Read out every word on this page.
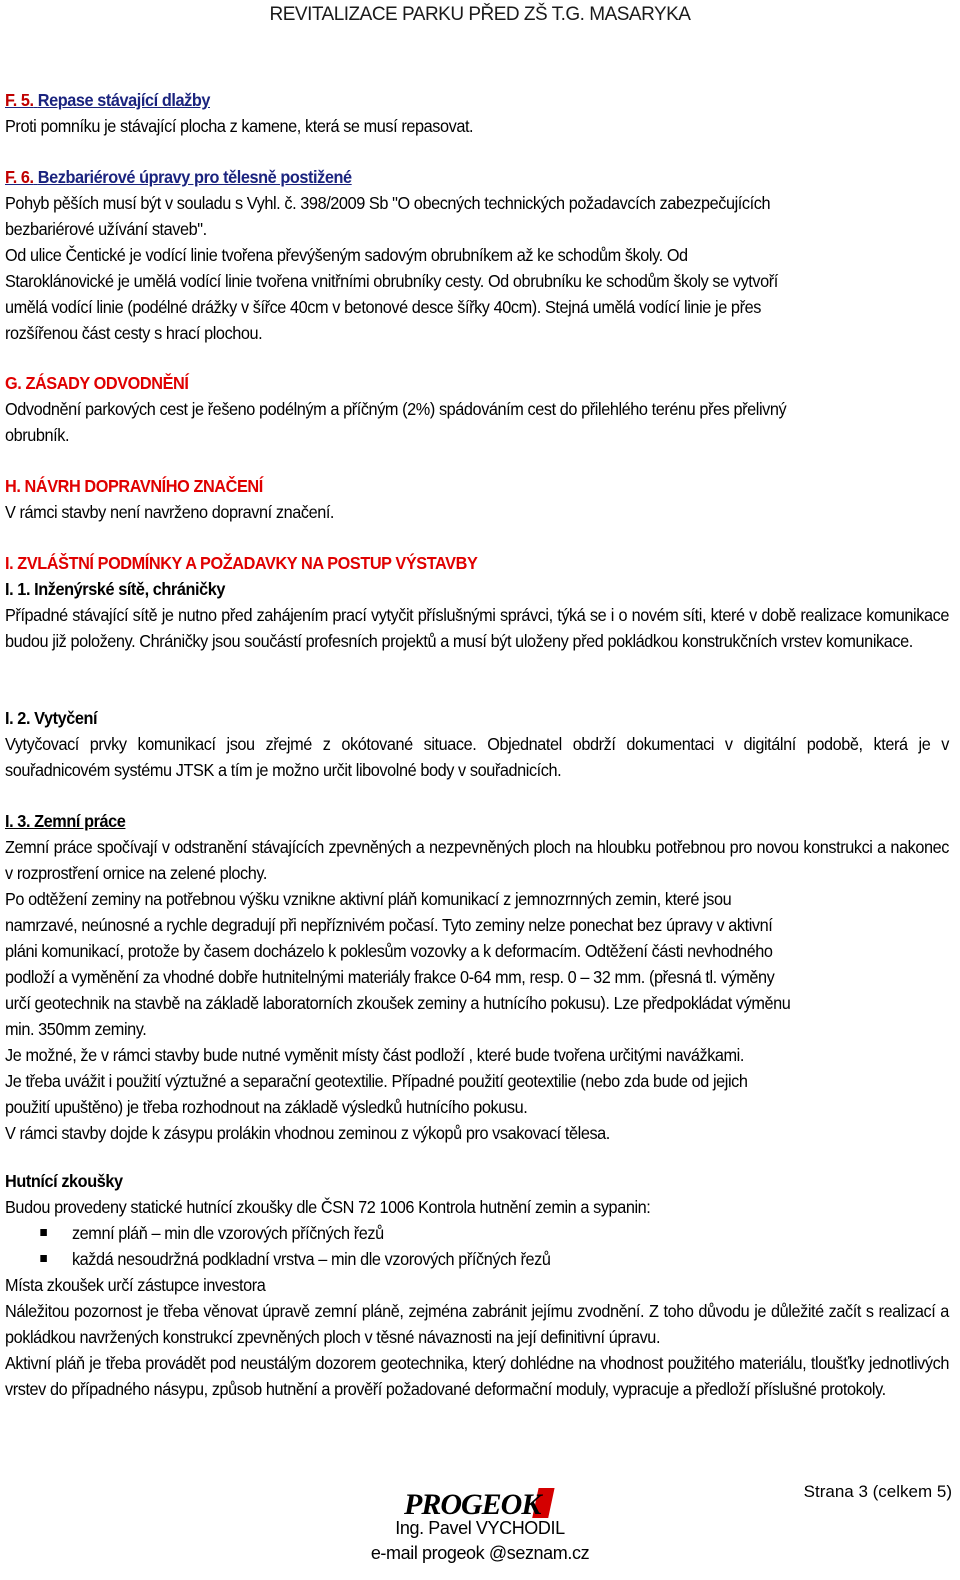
REVITALIZACE PARKU PŘED ZŠ T.G. MASARYKA
F. 5. Repase stávající dlažby
Proti pomníku je stávající plocha z kamene, která se musí repasovat.
F. 6. Bezbariérové úpravy pro tělesně postižené
Pohyb pěších musí být v souladu s Vyhl. č. 398/2009 Sb "O obecných technických požadavcích zabezpečujících
bezbariérové užívání staveb".
Od ulice Čentické je vodící linie tvořena převýšeným sadovým obrubníkem až ke schodům školy. Od
Staroklánovické je umělá vodící linie tvořena vnitřními obrubníky cesty. Od obrubníku ke schodům školy se vytvoří
umělá vodící linie (podélné drážky v šířce 40cm v betonové desce šířky 40cm). Stejná umělá vodící linie je přes
rozšířenou část cesty s hrací plochou.
G. ZÁSADY ODVODNĚNÍ
Odvodnění parkových cest je řešeno podélným a příčným (2%) spádováním cest do přilehlého terénu přes přelivný
obrubník.
H. NÁVRH DOPRAVNÍHO ZNAČENÍ
V rámci stavby není navrženo dopravní značení.
I. ZVLÁŠTNÍ PODMÍNKY A POŽADAVKY NA POSTUP VÝSTAVBY
I. 1. Inženýrské sítě, chráničky
Případné stávající sítě je nutno před zahájením prací vytyčit příslušnými správci, týká se i o novém síti, které v době realizace komunikace budou již položeny. Chráničky jsou součástí profesních projektů a musí být uloženy před pokládkou konstrukčních vrstev komunikace.
I. 2. Vytyčení
Vytyčovací prvky komunikací jsou zřejmé z okótované situace. Objednatel obdrží dokumentaci v digitální podobě, která je v souřadnicovém systému JTSK a tím je možno určit libovolné body v souřadnicích.
I. 3. Zemní práce
Zemní práce spočívají v odstranění stávajících zpevněných a nezpevněných ploch na hloubku potřebnou pro novou konstrukci a nakonec v rozprostření ornice na zelené plochy.
Po odtěžení zeminy na potřebnou výšku vznikne aktivní pláň komunikací z jemnozrnných zemin, které jsou
namrzavé, neúnosné a rychle degradují při nepříznivém počasí. Tyto zeminy nelze ponechat bez úpravy v aktivní
pláni komunikací, protože by časem docházelo k poklesům vozovky a k deformacím. Odtěžení části nevhodného
podloží a vyměnění za vhodné dobře hutnitelnými materiály frakce 0-64 mm, resp. 0 – 32 mm. (přesná tl. výměny
určí geotechnik na stavbě na základě laboratorních zkoušek zeminy a hutnícího pokusu). Lze předpokládat výměnu
min. 350mm zeminy.
Je možné, že v rámci stavby bude nutné vyměnit místy část podloží , které bude tvořena určitými navážkami.
Je třeba uvážit i použití výztužné a separační geotextilie. Případné použití geotextilie (nebo zda bude od jejich
použití upuštěno) je třeba rozhodnout na základě výsledků hutnícího pokusu.
V rámci stavby dojde k zásypu prolákin vhodnou zeminou z výkopů pro vsakovací tělesa.
Hutnící zkoušky
Budou provedeny statické hutnící zkoušky dle ČSN 72 1006 Kontrola hutnění zemin a sypanin:
zemní pláň – min dle vzorových příčných řezů
každá nesoudržná podkladní vrstva – min dle vzorových příčných řezů
Místa zkoušek určí zástupce investora
Náležitou pozornost je třeba věnovat úpravě zemní pláně, zejména zabránit jejímu zvodnění. Z toho důvodu je důležité začít s realizací a pokládkou navržených konstrukcí zpevněných ploch v těsné návaznosti na její definitivní úpravu.
Aktivní pláň je třeba provádět pod neustálým dozorem geotechnika, který dohlédne na vhodnost použitého materiálu, tloušťky jednotlivých vrstev do případného násypu, způsob hutnění a prověří požadované deformační moduly, vypracuje a předloží příslušné protokoly.
Strana 3 (celkem 5)
PROGEOK
Ing. Pavel VYCHODIL
e-mail progeok @seznam.cz
